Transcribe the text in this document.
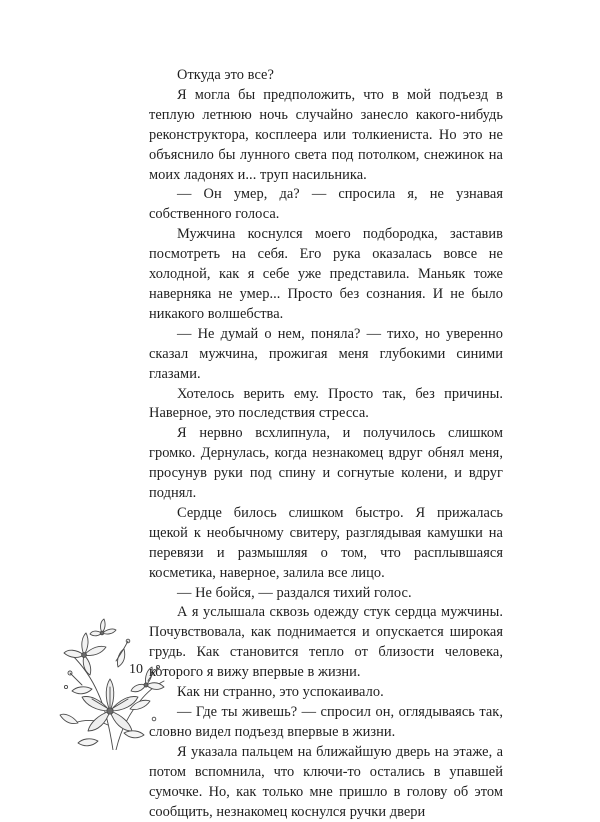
Откуда это все?

Я могла бы предположить, что в мой подъезд в теплую летнюю ночь случайно занесло какого-нибудь реконструктора, косплеера или толкиениста. Но это не объяснило бы лунного света под потолком, снежинок на моих ладонях и... труп насильника.

— Он умер, да? — спросила я, не узнавая собственного голоса.

Мужчина коснулся моего подбородка, заставив посмотреть на себя. Его рука оказалась вовсе не холодной, как я себе уже представила. Маньяк тоже наверняка не умер... Просто без сознания. И не было никакого волшебства.

— Не думай о нем, поняла? — тихо, но уверенно сказал мужчина, прожигая меня глубокими синими глазами.

Хотелось верить ему. Просто так, без причины. Наверное, это последствия стресса.

Я нервно всхлипнула, и получилось слишком громко. Дернулась, когда незнакомец вдруг обнял меня, просунув руки под спину и согнутые колени, и вдруг поднял.

Сердце билось слишком быстро. Я прижалась щекой к необычному свитеру, разглядывая камушки на перевязи и размышляя о том, что расплывшаяся косметика, наверное, залила все лицо.

— Не бойся, — раздался тихий голос.

А я услышала сквозь одежду стук сердца мужчины. Почувствовала, как поднимается и опускается широкая грудь. Как становится тепло от близости человека, которого я вижу впервые в жизни.

Как ни странно, это успокаивало.

— Где ты живешь? — спросил он, оглядываясь так, словно видел подъезд впервые в жизни.

Я указала пальцем на ближайшую дверь на этаже, а потом вспомнила, что ключи-то остались в упавшей сумочке. Но, как только мне пришло в голову об этом сообщить, незнакомец коснулся ручки двери

10
